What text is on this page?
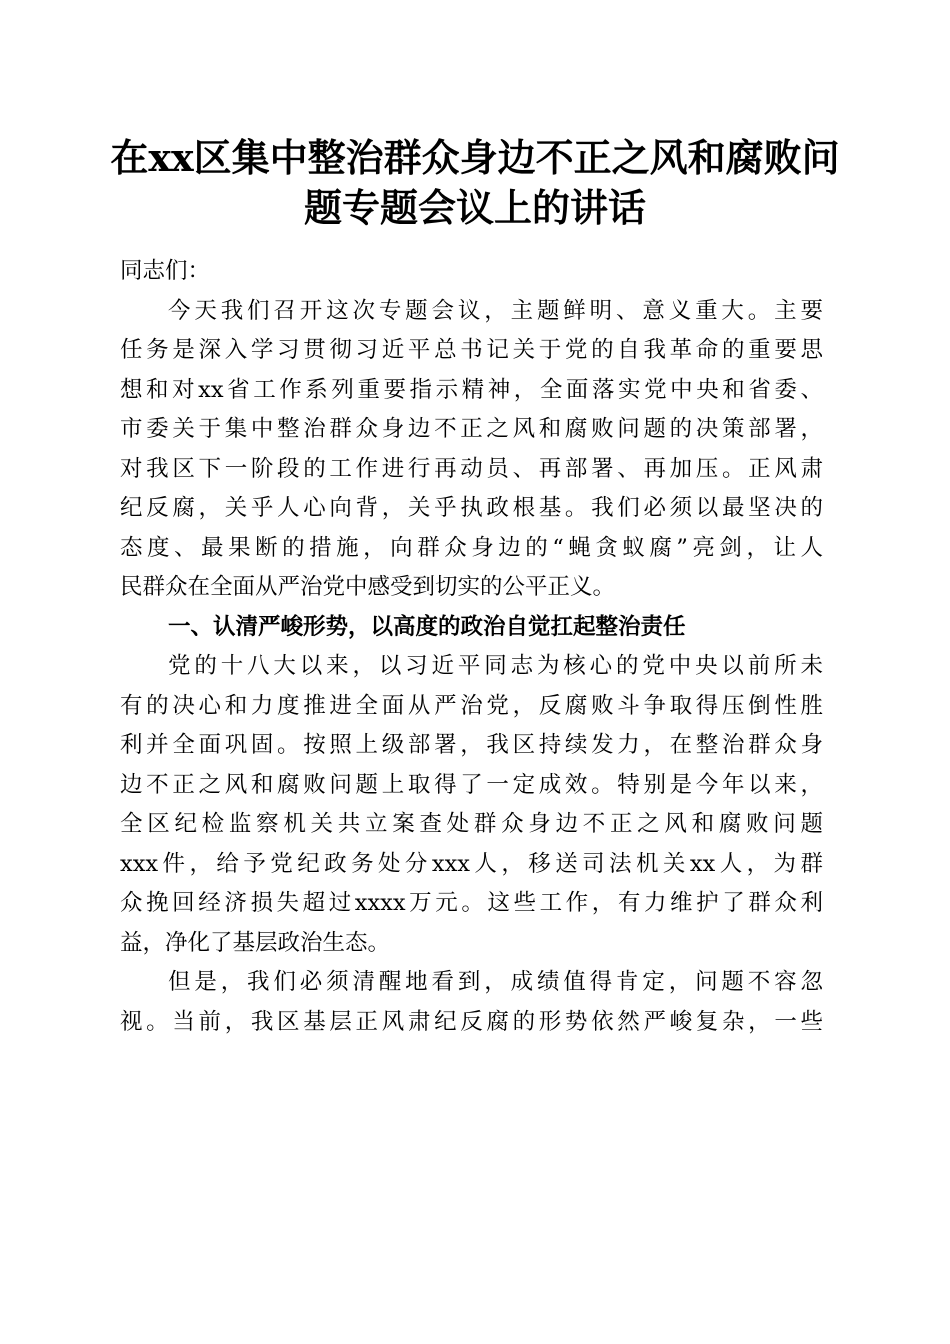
在xx区集中整治群众身边不正之风和腐败问
题专题会议上的讲话

同志们：

今天我们召开这次专题会议，主题鲜明、意义重大。主要
任务是深入学习贯彻习近平总书记关于党的自我革命的重要思
想和对xx省工作系列重要指示精神，全面落实党中央和省委、
市委关于集中整治群众身边不正之风和腐败问题的决策部署，
对我区下一阶段的工作进行再动员、再部署、再加压。正风肃
纪反腐，关乎人心向背，关乎执政根基。我们必须以最坚决的
态度、最果断的措施，向群众身边的“蝇贪蚁腐”亮剑，让人
民群众在全面从严治党中感受到切实的公平正义。

一、认清严峻形势，以高度的政治自觉扛起整治责任

党的十八大以来，以习近平同志为核心的党中央以前所未
有的决心和力度推进全面从严治党，反腐败斗争取得压倒性胜
利并全面巩固。按照上级部署，我区持续发力，在整治群众身
边不正之风和腐败问题上取得了一定成效。特别是今年以来，
全区纪检监察机关共立案查处群众身边不正之风和腐败问题
xxx件，给予党纪政务处分xxx人，移送司法机关xx人，为群
众挽回经济损失超过xxxx万元。这些工作，有力维护了群众利
益，净化了基层政治生态。

但是，我们必须清醒地看到，成绩值得肯定，问题不容忽
视。当前，我区基层正风肃纪反腐的形势依然严峻复杂，一些
